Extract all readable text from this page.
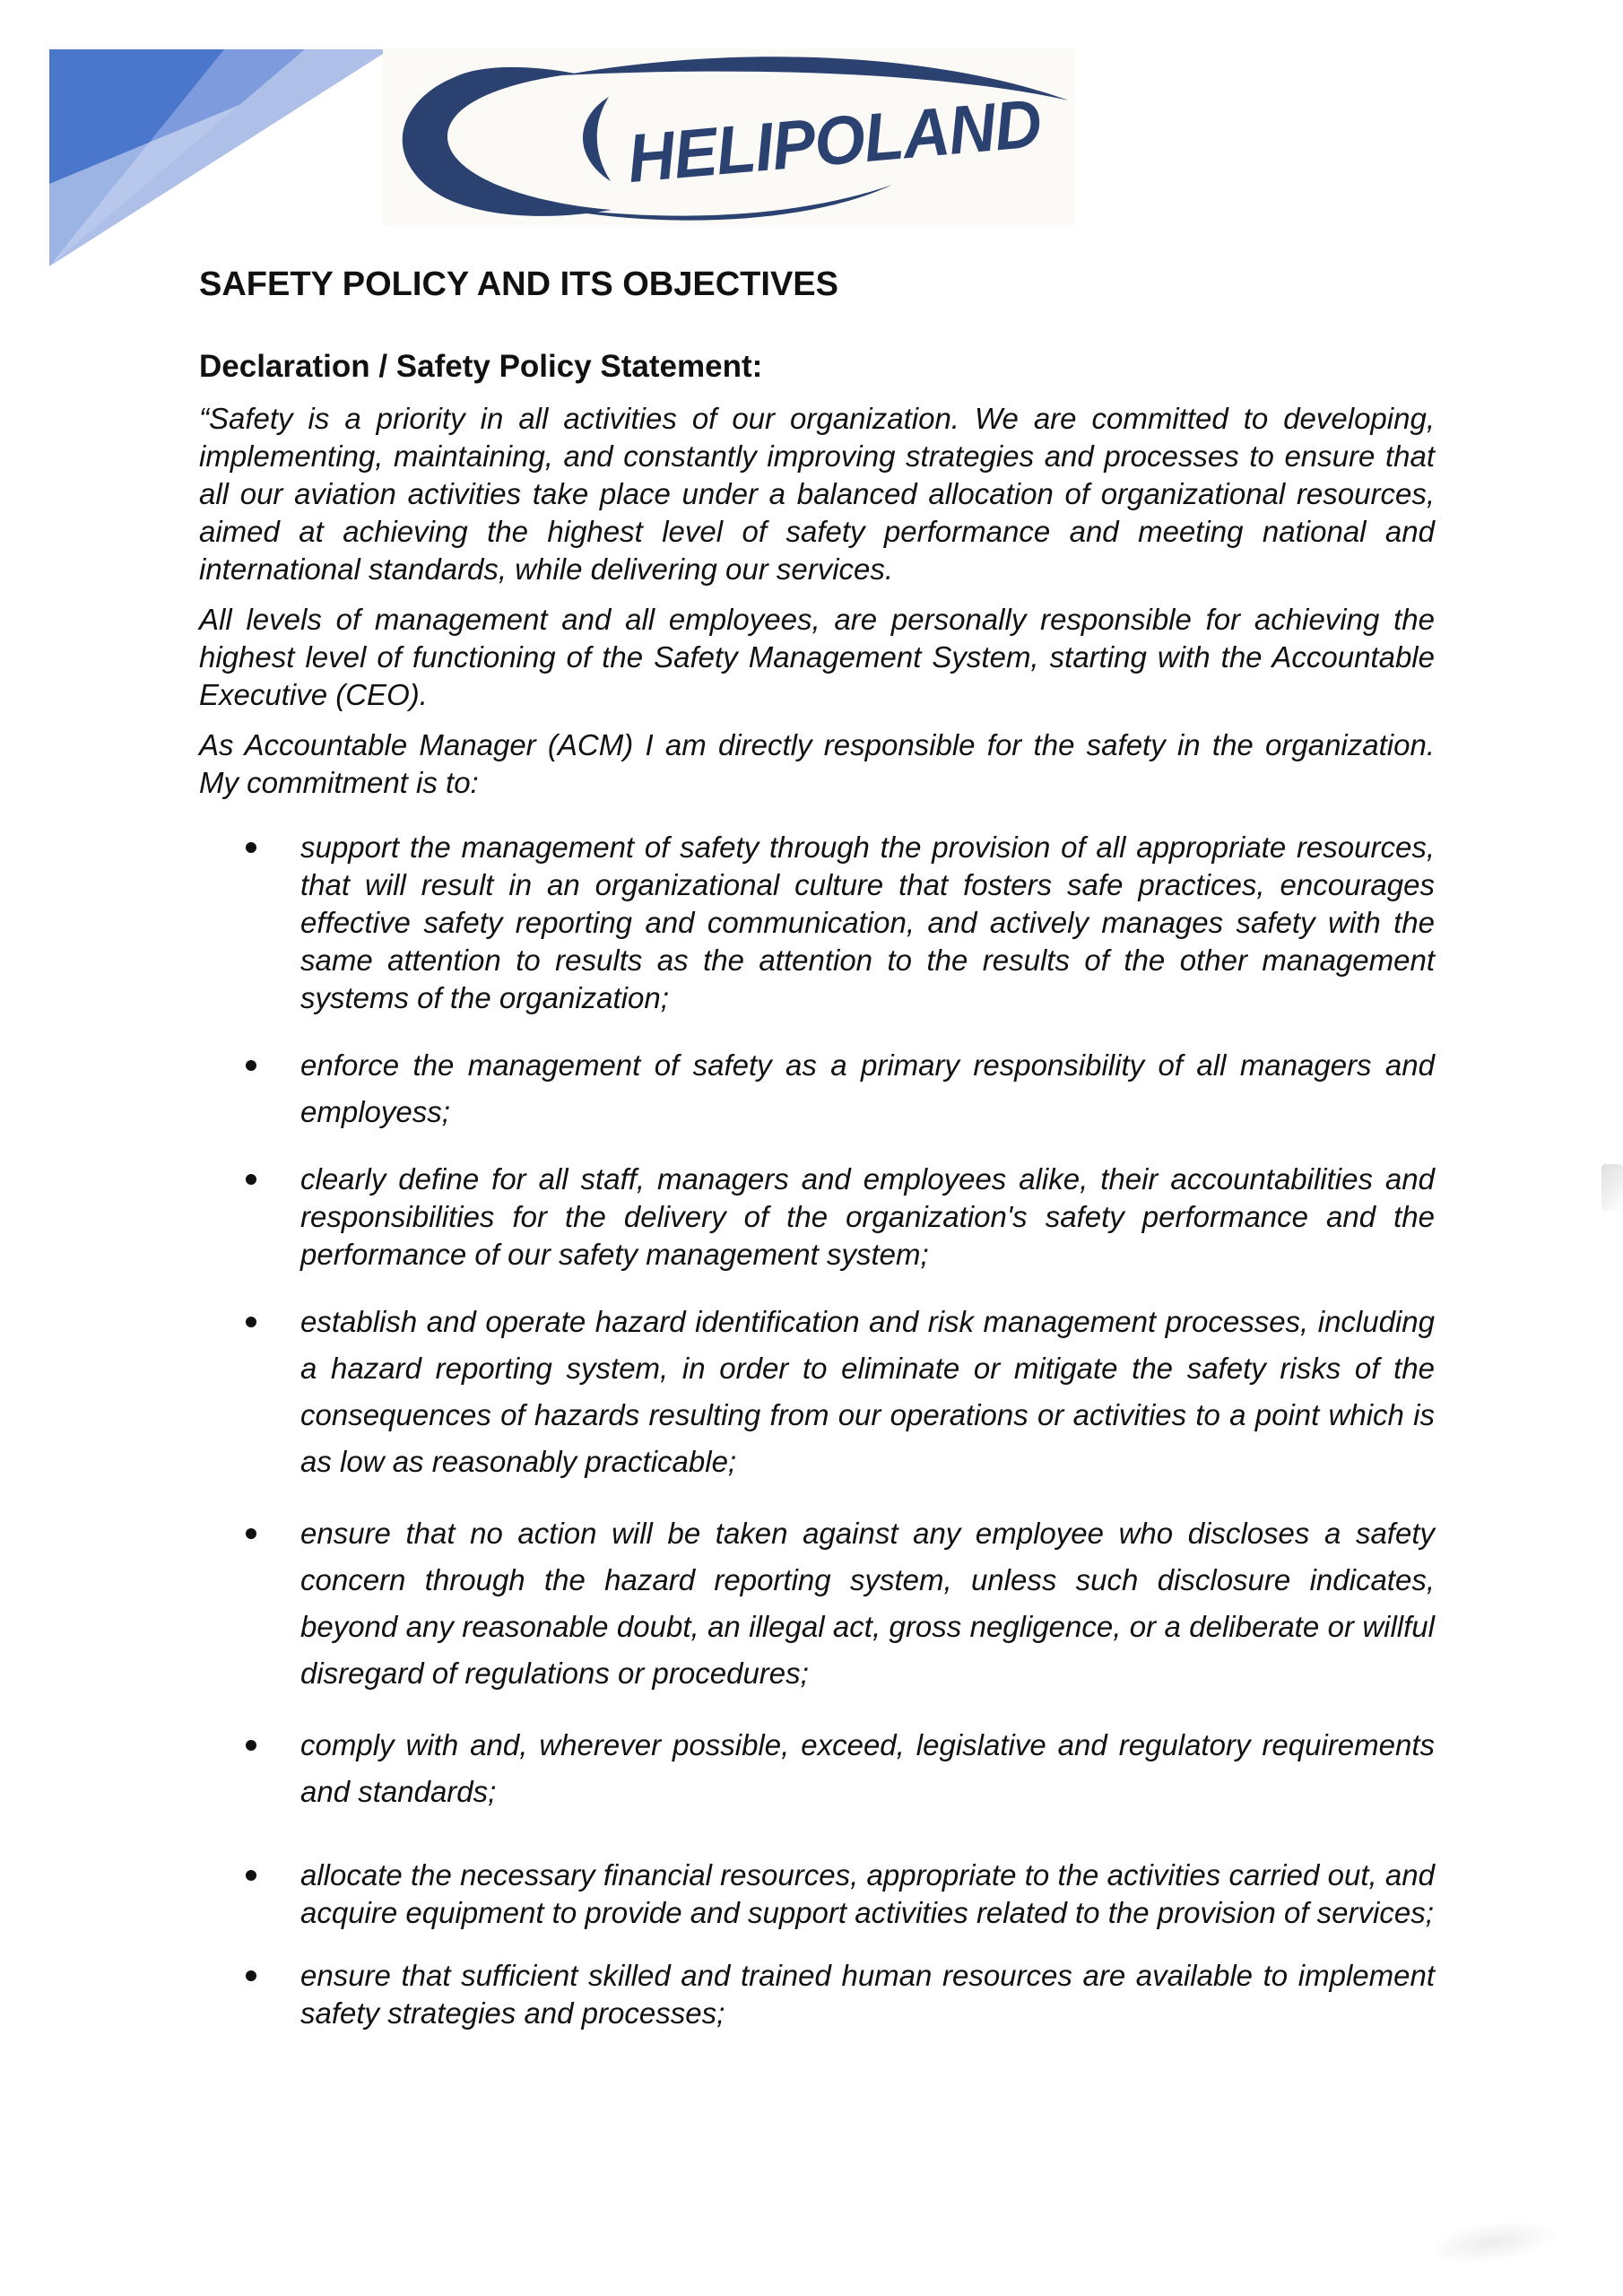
HELIPOLAND
SAFETY POLICY AND ITS OBJECTIVES
Declaration / Safety Policy Statement:

“Safety is a priority in all activities of our organization. We are committed to developing, implementing, maintaining, and constantly improving strategies and processes to ensure that all our aviation activities take place under a balanced allocation of organizational resources, aimed at achieving the highest level of safety performance and meeting national and international standards, while delivering our services.

All levels of management and all employees, are personally responsible for achieving the highest level of functioning of the Safety Management System, starting with the Accountable Executive (CEO).

As Accountable Manager (ACM) I am directly responsible for the safety in the organization. My commitment is to:

support the management of safety through the provision of all appropriate resources, that will result in an organizational culture that fosters safe practices, encourages effective safety reporting and communication, and actively manages safety with the same attention to results as the attention to the results of the other management systems of the organization;
enforce the management of safety as a primary responsibility of all managers and employess;
clearly define for all staff, managers and employees alike, their accountabilities and responsibilities for the delivery of the organization's safety performance and the performance of our safety management system;
establish and operate hazard identification and risk management processes, including a hazard reporting system, in order to eliminate or mitigate the safety risks of the consequences of hazards resulting from our operations or activities to a point which is as low as reasonably practicable;
ensure that no action will be taken against any employee who discloses a safety concern through the hazard reporting system, unless such disclosure indicates, beyond any reasonable doubt, an illegal act, gross negligence, or a deliberate or willful disregard of regulations or procedures;
comply with and, wherever possible, exceed, legislative and regulatory requirements and standards;
allocate the necessary financial resources, appropriate to the activities carried out, and acquire equipment to provide and support activities related to the provision of services;
ensure that sufficient skilled and trained human resources are available to implement safety strategies and processes;
